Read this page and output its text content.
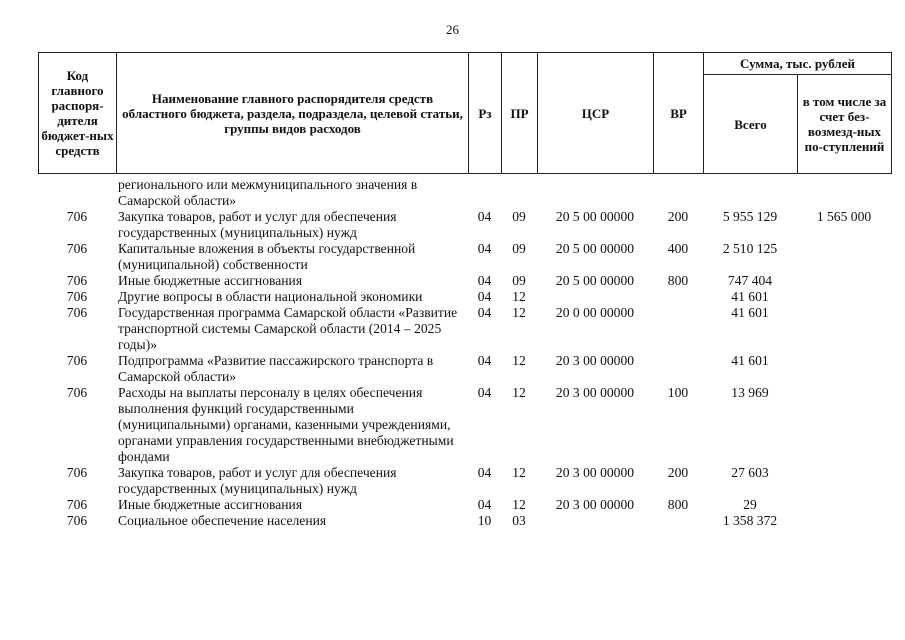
26
Код главного распоря-дителя бюджет-ных средств	Наименование главного распорядителя средств областного бюджета, раздела, подраздела, целевой статьи, группы видов расходов	Рз	ПР	ЦСР	ВР	Сумма, тыс. рублей	
						Всего	в том числе за счет без-возмезд-ных по-ступлений
	регионального или межмуниципального значения в Самарской области»						
706	Закупка товаров, работ и услуг для обеспечения государственных (муниципальных) нужд	04	09	20 5 00 00000	200	5 955 129	1 565 000
706	Капитальные вложения в объекты государственной (муниципальной) собственности	04	09	20 5 00 00000	400	2 510 125	
706	Иные бюджетные ассигнования	04	09	20 5 00 00000	800	747 404	
706	Другие вопросы в области национальной экономики	04	12			41 601	
706	Государственная программа Самарской области «Развитие транспортной системы Самарской области (2014 – 2025 годы)»	04	12	20 0 00 00000		41 601	
706	Подпрограмма «Развитие пассажирского транспорта в Самарской области»	04	12	20 3 00 00000		41 601	
706	Расходы на выплаты персоналу в целях обеспечения выполнения функций государственными (муниципальными) органами, казенными учреждениями, органами управления государственными внебюджетными фондами	04	12	20 3 00 00000	100	13 969	
706	Закупка товаров, работ и услуг для обеспечения государственных (муниципальных) нужд	04	12	20 3 00 00000	200	27 603	
706	Иные бюджетные ассигнования	04	12	20 3 00 00000	800	29	
706	Социальное обеспечение населения	10	03			1 358 372	
